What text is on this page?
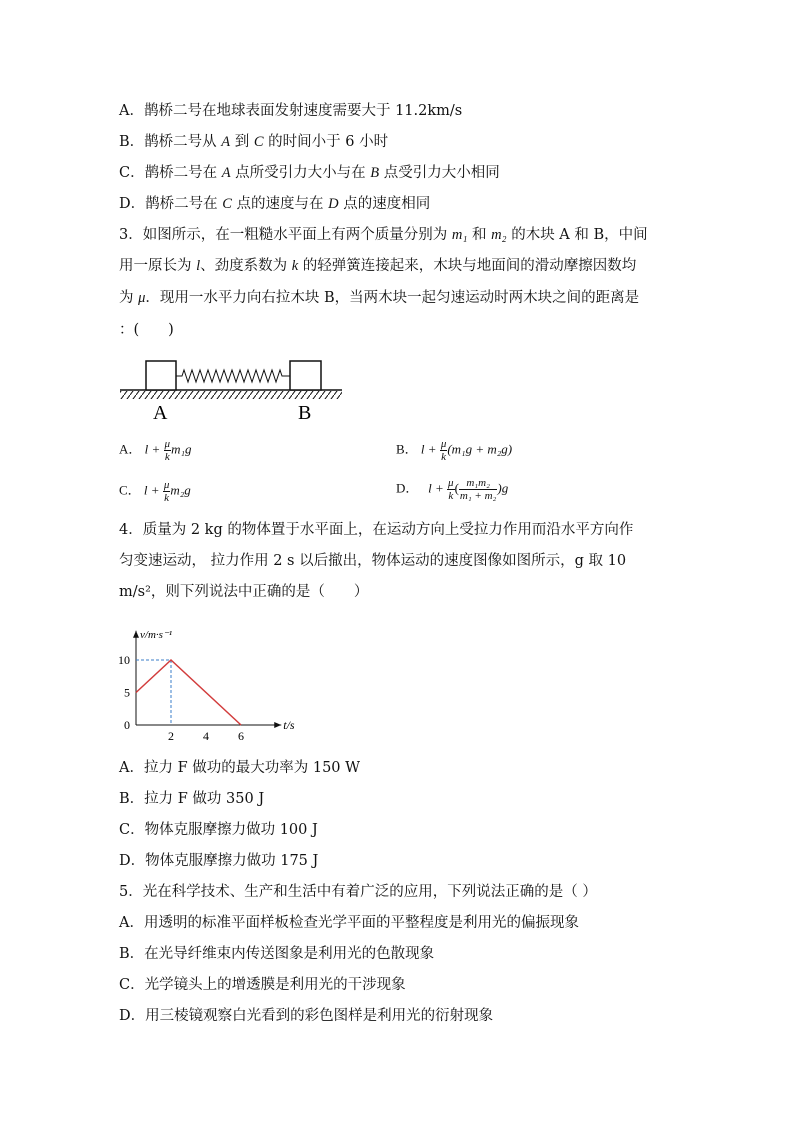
A．鹊桥二号在地球表面发射速度需要大于 11.2km/s
B．鹊桥二号从 A 到 C 的时间小于 6 小时
C．鹊桥二号在 A 点所受引力大小与在 B 点受引力大小相同
D．鹊桥二号在 C 点的速度与在 D 点的速度相同
3．如图所示，在一粗糙水平面上有两个质量分别为 m₁ 和 m₂ 的木块 A 和 B，中间
用一原长为 l、劲度系数为 k 的轻弹簧连接起来，木块与地面间的滑动摩擦因数均
为 μ．现用一水平力向右拉木块 B，当两木块一起匀速运动时两木块之间的距离是
：(　　)
A	B
A． $l + \frac{\mu}{k} m_1g$	B． $l + \frac{\mu}{k} (m_1g + m_2g)$
C． $l + \frac{\mu}{k} m_2g$	D． $l + \frac{\mu}{k}$ ( $\frac{\text{m₁m₂}}{\text{m₁ + m₂}} )g$
4．质量为 2 kg 的物体置于水平面上，在运动方向上受拉力作用而沿水平方向作
匀变速运动， 拉力作用 2 s 以后撤出，物体运动的速度图像如图所示，g 取 10
m/s²，则下列说法中正确的是（　　）
v/m·s⁻¹
t/s
0
5
10
2 4 6
A．拉力 F 做功的最大功率为 150 W
B．拉力 F 做功 350 J
C．物体克服摩擦力做功 100 J
D．物体克服摩擦力做功 175 J
5．光在科学技术、生产和生活中有着广泛的应用，下列说法正确的是（ ）
A．用透明的标准平面样板检查光学平面的平整程度是利用光的偏振现象
B．在光导纤维束内传送图象是利用光的色散现象
C．光学镜头上的增透膜是利用光的干涉现象
D．用三棱镜观察白光看到的彩色图样是利用光的衍射现象
